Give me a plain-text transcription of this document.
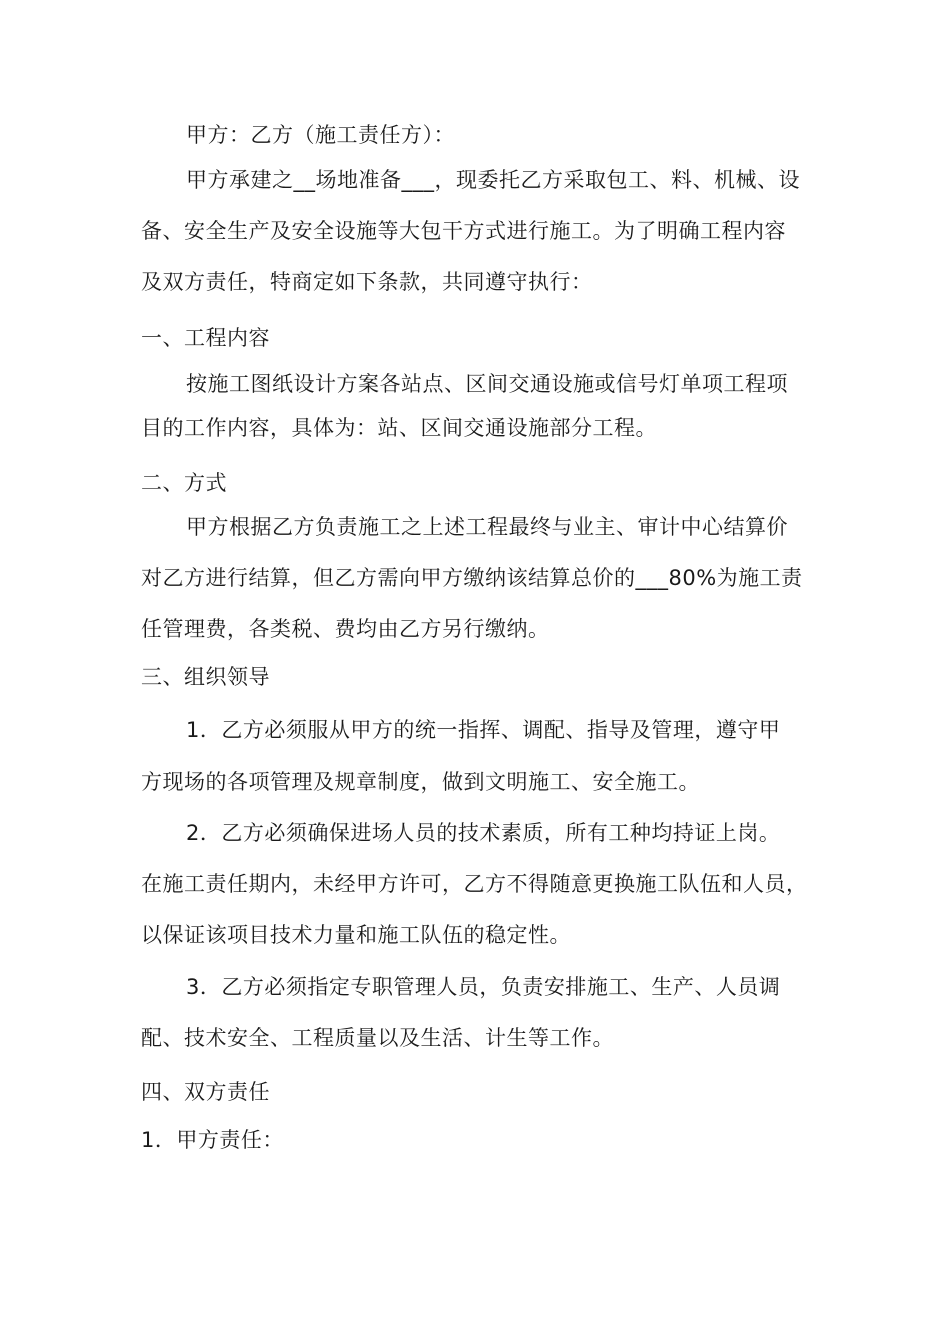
甲方：乙方（施工责任方）：
甲方承建之__场地准备___，现委托乙方采取包工、料、机械、设
备、安全生产及安全设施等大包干方式进行施工。为了明确工程内容
及双方责任，特商定如下条款，共同遵守执行：
一、工程内容
按施工图纸设计方案各站点、区间交通设施或信号灯单项工程项
目的工作内容，具体为：站、区间交通设施部分工程。
二、方式
甲方根据乙方负责施工之上述工程最终与业主、审计中心结算价
对乙方进行结算，但乙方需向甲方缴纳该结算总价的___80%为施工责
任管理费，各类税、费均由乙方另行缴纳。
三、组织领导
1．乙方必须服从甲方的统一指挥、调配、指导及管理，遵守甲
方现场的各项管理及规章制度，做到文明施工、安全施工。
2．乙方必须确保进场人员的技术素质，所有工种均持证上岗。
在施工责任期内，未经甲方许可，乙方不得随意更换施工队伍和人员，
以保证该项目技术力量和施工队伍的稳定性。
3．乙方必须指定专职管理人员，负责安排施工、生产、人员调
配、技术安全、工程质量以及生活、计生等工作。
四、双方责任
1．甲方责任：
